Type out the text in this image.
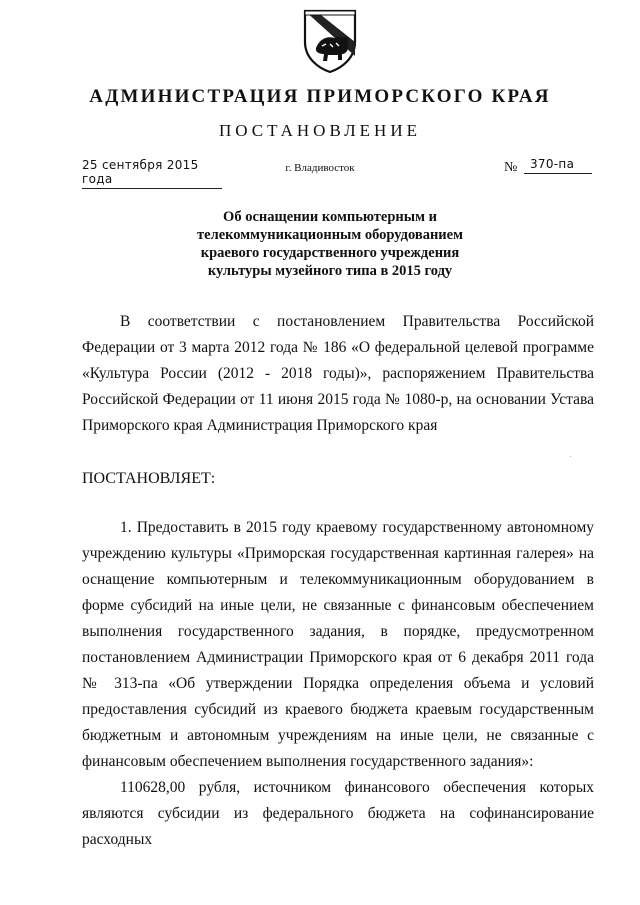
АДМИНИСТРАЦИЯ ПРИМОРСКОГО КРАЯ
ПОСТАНОВЛЕНИЕ
25 сентября 2015 года
г. Владивосток	№	370-па
Об оснащении компьютерным и
телекоммуникационным оборудованием
краевого государственного учреждения
культуры музейного типа в 2015 году
В соответствии с постановлением Правительства Российской Федерации от 3 марта 2012 года № 186 «О федеральной целевой программе «Культура России (2012 - 2018 годы)», распоряжением Правительства Российской Федерации от 11 июня 2015 года № 1080-р, на основании Устава Приморского края Администрация Приморского края
ПОСТАНОВЛЯЕТ:
1. Предоставить в 2015 году краевому государственному автономному учреждению культуры «Приморская государственная картинная галерея» на оснащение компьютерным и телекоммуникационным оборудованием в форме субсидий на иные цели, не связанные с финансовым обеспечением выполнения государственного задания, в порядке, предусмотренном постановлением Администрации Приморского края от 6 декабря 2011 года № 313-па «Об утверждении Порядка определения объема и условий предоставления субсидий из краевого бюджета краевым государственным бюджетным и автономным учреждениям на иные цели, не связанные с финансовым обеспечением выполнения государственного задания»:
110628,00 рубля, источником финансового обеспечения которых являются субсидии из федерального бюджета на софинансирование расходных
